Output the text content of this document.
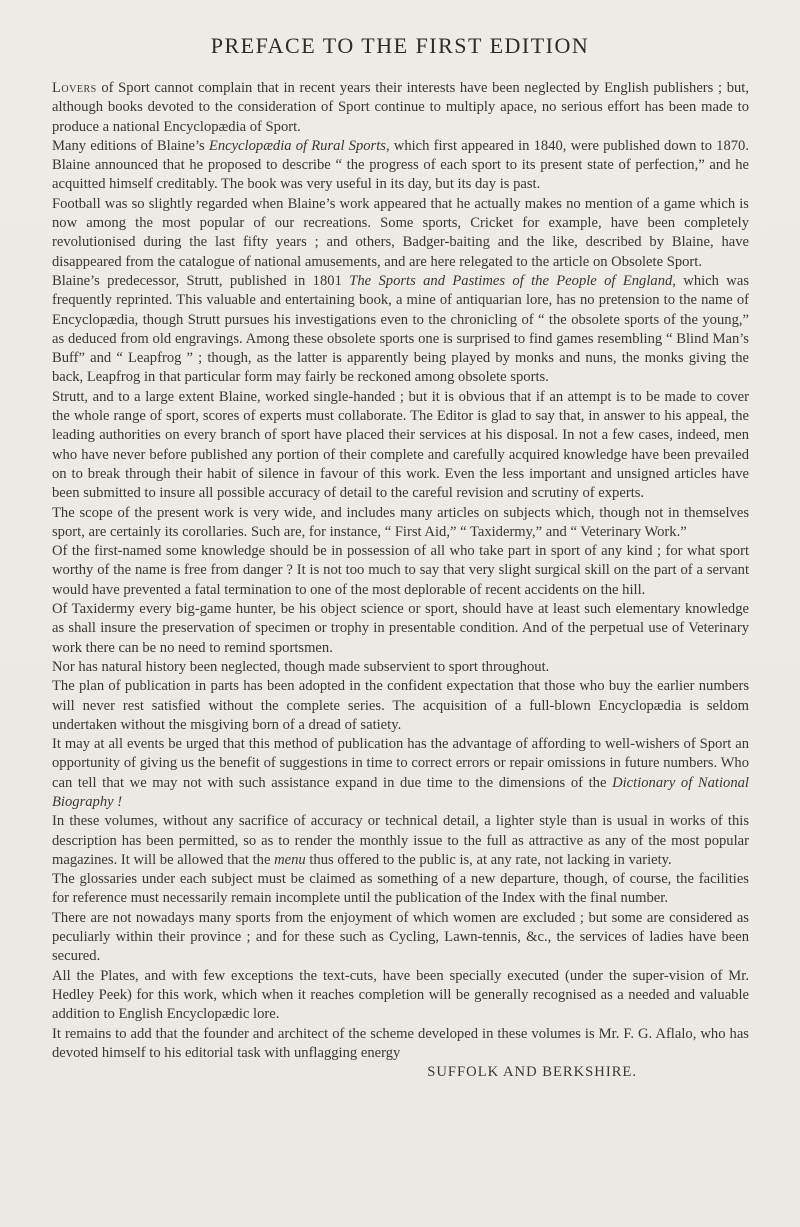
PREFACE TO THE FIRST EDITION

Lovers of Sport cannot complain that in recent years their interests have been neglected by English publishers ; but, although books devoted to the consideration of Sport continue to multiply apace, no serious effort has been made to produce a national Encyclopædia of Sport.

Many editions of Blaine’s Encyclopædia of Rural Sports, which first appeared in 1840, were published down to 1870. Blaine announced that he proposed to describe “ the progress of each sport to its present state of perfection,” and he acquitted himself creditably. The book was very useful in its day, but its day is past.

Football was so slightly regarded when Blaine’s work appeared that he actually makes no mention of a game which is now among the most popular of our recreations. Some sports, Cricket for example, have been completely revolutionised during the last fifty years ; and others, Badger-baiting and the like, described by Blaine, have disappeared from the catalogue of national amusements, and are here relegated to the article on Obsolete Sport.

Blaine’s predecessor, Strutt, published in 1801 The Sports and Pastimes of the People of England, which was frequently reprinted. This valuable and entertaining book, a mine of antiquarian lore, has no pretension to the name of Encyclopædia, though Strutt pursues his investigations even to the chronicling of “ the obsolete sports of the young,” as deduced from old engravings. Among these obsolete sports one is surprised to find games resembling “ Blind Man’s Buff” and “ Leapfrog ” ; though, as the latter is apparently being played by monks and nuns, the monks giving the back, Leapfrog in that particular form may fairly be reckoned among obsolete sports.

Strutt, and to a large extent Blaine, worked single-handed ; but it is obvious that if an attempt is to be made to cover the whole range of sport, scores of experts must collaborate. The Editor is glad to say that, in answer to his appeal, the leading authorities on every branch of sport have placed their services at his disposal. In not a few cases, indeed, men who have never before published any portion of their complete and carefully acquired knowledge have been prevailed on to break through their habit of silence in favour of this work. Even the less important and unsigned articles have been submitted to insure all possible accuracy of detail to the careful revision and scrutiny of experts.

The scope of the present work is very wide, and includes many articles on subjects which, though not in themselves sport, are certainly its corollaries. Such are, for instance, “ First Aid,” “ Taxidermy,” and “ Veterinary Work.”

Of the first-named some knowledge should be in possession of all who take part in sport of any kind ; for what sport worthy of the name is free from danger ? It is not too much to say that very slight surgical skill on the part of a servant would have prevented a fatal termination to one of the most deplorable of recent accidents on the hill.

Of Taxidermy every big-game hunter, be his object science or sport, should have at least such elementary knowledge as shall insure the preservation of specimen or trophy in presentable condition. And of the perpetual use of Veterinary work there can be no need to remind sportsmen.

Nor has natural history been neglected, though made subservient to sport throughout.

The plan of publication in parts has been adopted in the confident expectation that those who buy the earlier numbers will never rest satisfied without the complete series. The acquisition of a full-blown Encyclopædia is seldom undertaken without the misgiving born of a dread of satiety.

It may at all events be urged that this method of publication has the advantage of affording to well-wishers of Sport an opportunity of giving us the benefit of suggestions in time to correct errors or repair omissions in future numbers. Who can tell that we may not with such assistance expand in due time to the dimensions of the Dictionary of National Biography !

In these volumes, without any sacrifice of accuracy or technical detail, a lighter style than is usual in works of this description has been permitted, so as to render the monthly issue to the full as attractive as any of the most popular magazines. It will be allowed that the menu thus offered to the public is, at any rate, not lacking in variety.

The glossaries under each subject must be claimed as something of a new departure, though, of course, the facilities for reference must necessarily remain incomplete until the publication of the Index with the final number.

There are not nowadays many sports from the enjoyment of which women are excluded ; but some are considered as peculiarly within their province ; and for these such as Cycling, Lawn-tennis, &c., the services of ladies have been secured.

All the Plates, and with few exceptions the text-cuts, have been specially executed (under the super-vision of Mr. Hedley Peek) for this work, which when it reaches completion will be generally recognised as a needed and valuable addition to English Encyclopædic lore.

It remains to add that the founder and architect of the scheme developed in these volumes is Mr. F. G. Aflalo, who has devoted himself to his editorial task with unflagging energy

SUFFOLK AND BERKSHIRE.
